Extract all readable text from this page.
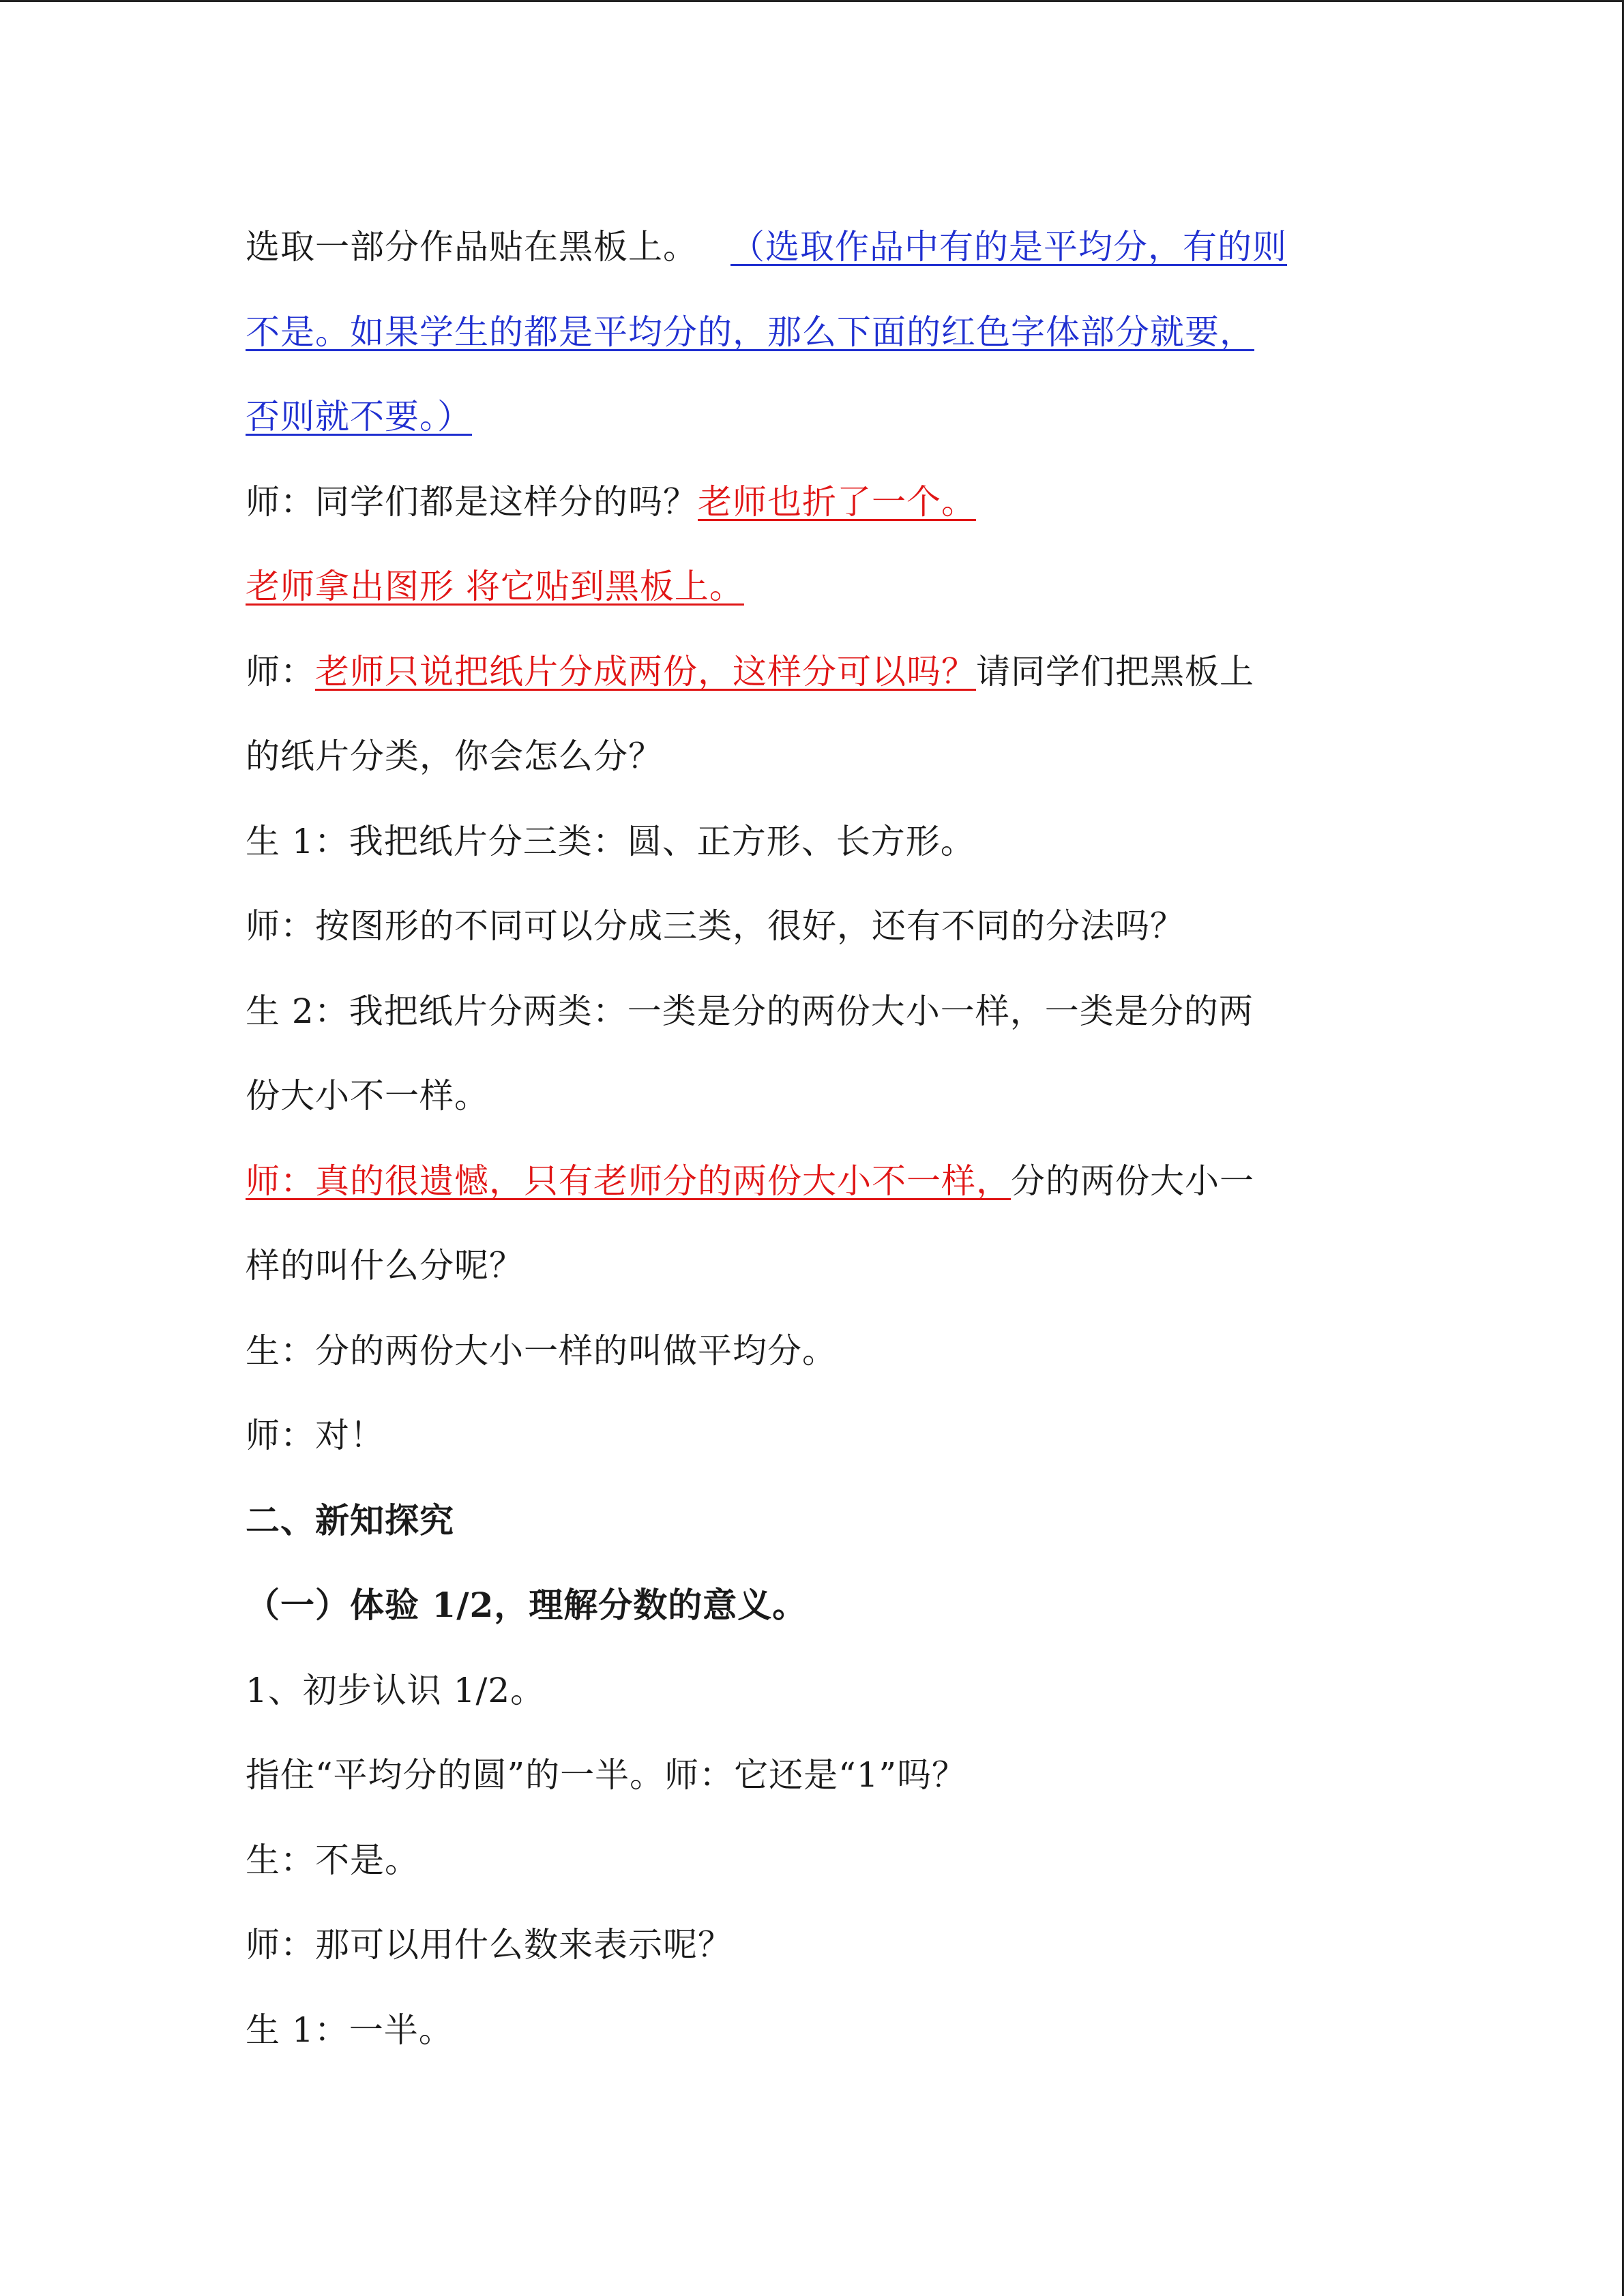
选取一部分作品贴在黑板上。 （选取作品中有的是平均分，有的则
不是。如果学生的都是平均分的，那么下面的红色字体部分就要，
否则就不要。）
师：同学们都是这样分的吗？老师也折了一个。
老师拿出图形 将它贴到黑板上。
师：老师只说把纸片分成两份，这样分可以吗？请同学们把黑板上
的纸片分类，你会怎么分？
生 1：我把纸片分三类：圆、正方形、长方形。
师：按图形的不同可以分成三类，很好，还有不同的分法吗？
生 2：我把纸片分两类：一类是分的两份大小一样，一类是分的两
份大小不一样。
师：真的很遗憾，只有老师分的两份大小不一样，分的两份大小一
样的叫什么分呢？
生：分的两份大小一样的叫做平均分。
师：对！
二、新知探究
（一）体验 1/2，理解分数的意义。
1、初步认识 1/2。
指住“平均分的圆”的一半。师：它还是“1”吗？
生：不是。
师：那可以用什么数来表示呢？
生 1：一半。
